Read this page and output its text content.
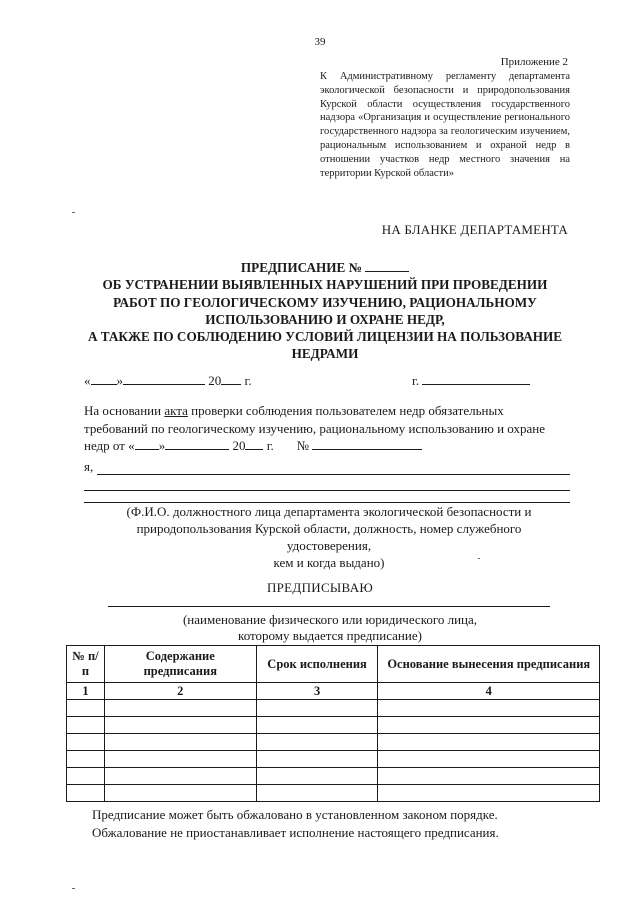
39
Приложение 2
К Административному регламенту департамента экологической безопасности и природопользования Курской области осуществления государственного надзора «Организация и осуществление регионального государственного надзора за геологическим изучением, рациональным использованием и охраной недр в отношении участков недр местного значения на территории Курской области»
НА БЛАНКЕ ДЕПАРТАМЕНТА
ПРЕДПИСАНИЕ №
ОБ УСТРАНЕНИИ ВЫЯВЛЕННЫХ НАРУШЕНИЙ ПРИ ПРОВЕДЕНИИ РАБОТ ПО ГЕОЛОГИЧЕСКОМУ ИЗУЧЕНИЮ, РАЦИОНАЛЬНОМУ ИСПОЛЬЗОВАНИЮ И ОХРАНЕ НЕДР,
А ТАКЖЕ ПО СОБЛЮДЕНИЮ УСЛОВИЙ ЛИЦЕНЗИИ НА ПОЛЬЗОВАНИЕ НЕДРАМИ
« »	20 г.	г.
На основании акта проверки соблюдения пользователем недр обязательных требований по геологическому изучению, рациональному использованию и охране недр от « »	20 г. №
я,
(Ф.И.О. должностного лица департамента экологической безопасности и природопользования Курской области, должность, номер служебного удостоверения,
кем и когда выдано)
ПРЕДПИСЫВАЮ
(наименование физического или юридического лица,
которому выдается предписание)
№ п/п	Содержание предписания	Срок исполнения	Основание вынесения предписания
1	2	3	4

Предписание может быть обжаловано в установленном законом порядке.
Обжалование не приостанавливает исполнение настоящего предписания.
